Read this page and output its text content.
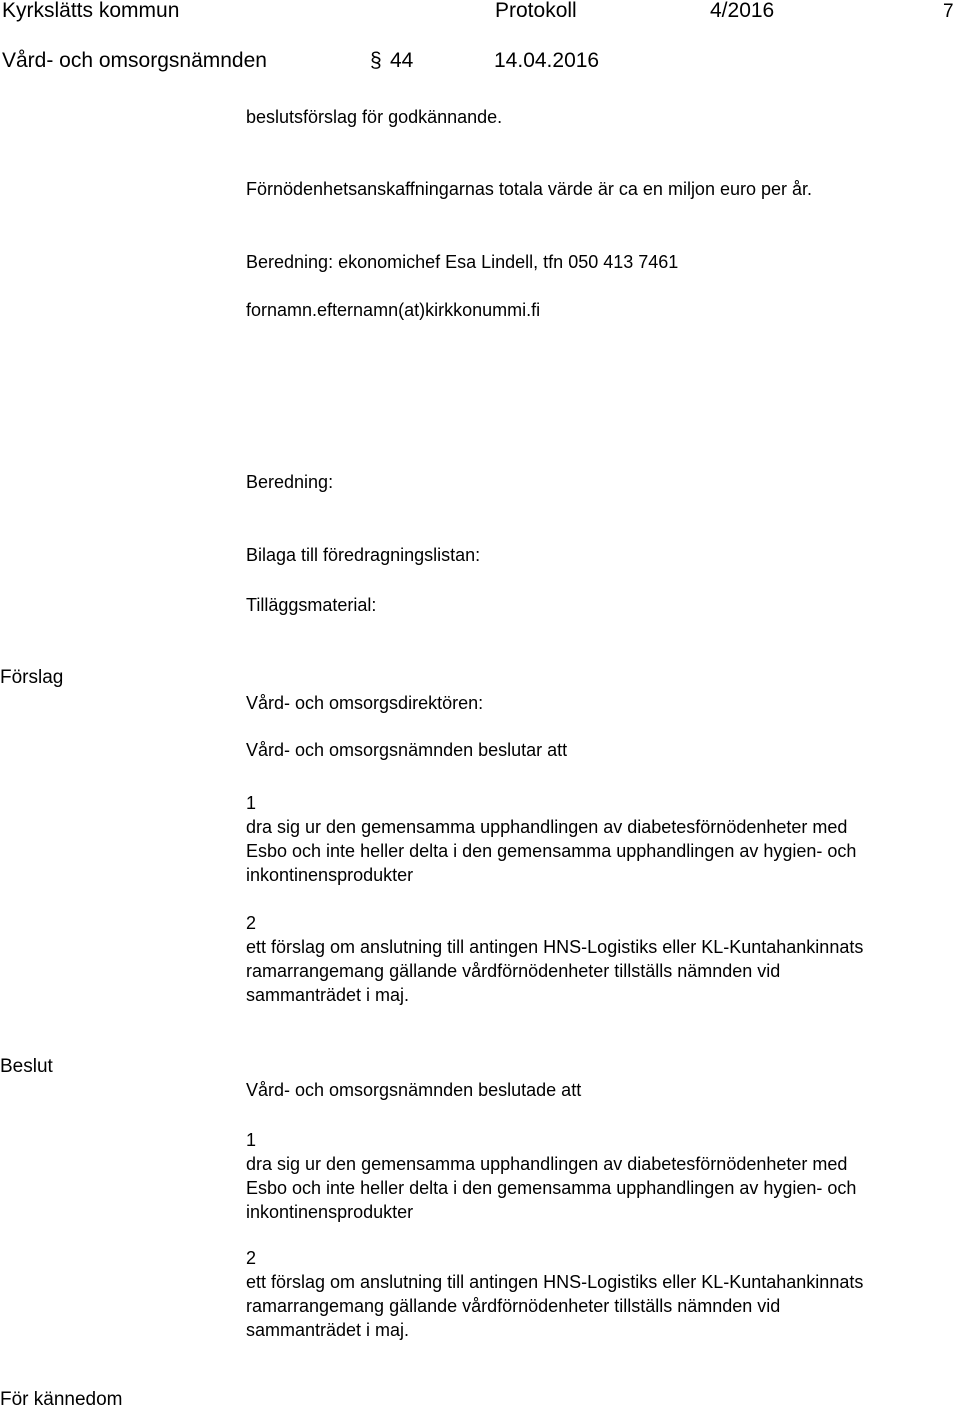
Kyrkslätts kommun	Protokoll	4/2016	7
Vård- och omsorgsnämnden	§ 44	14.04.2016
beslutsförslag för godkännande.
Förnödenhetsanskaffningarnas totala värde är ca en miljon euro per år.
Beredning: ekonomichef Esa Lindell, tfn 050 413 7461
fornamn.efternamn(at)kirkkonummi.fi
Beredning:
Bilaga till föredragningslistan:
Tilläggsmaterial:
Förslag
Vård- och omsorgsdirektören:
Vård- och omsorgsnämnden beslutar att
1
dra sig ur den gemensamma upphandlingen av diabetesförnödenheter med
Esbo och inte heller delta i den gemensamma upphandlingen av hygien- och
inkontinensprodukter
2
ett förslag om anslutning till antingen HNS-Logistiks eller KL-Kuntahankinnats
ramarrangemang gällande vårdförnödenheter tillställs nämnden vid
sammanträdet i maj.
Beslut
Vård- och omsorgsnämnden beslutade att
1
dra sig ur den gemensamma upphandlingen av diabetesförnödenheter med
Esbo och inte heller delta i den gemensamma upphandlingen av hygien- och
inkontinensprodukter
2
ett förslag om anslutning till antingen HNS-Logistiks eller KL-Kuntahankinnats
ramarrangemang gällande vårdförnödenheter tillställs nämnden vid
sammanträdet i maj.
För kännedom
